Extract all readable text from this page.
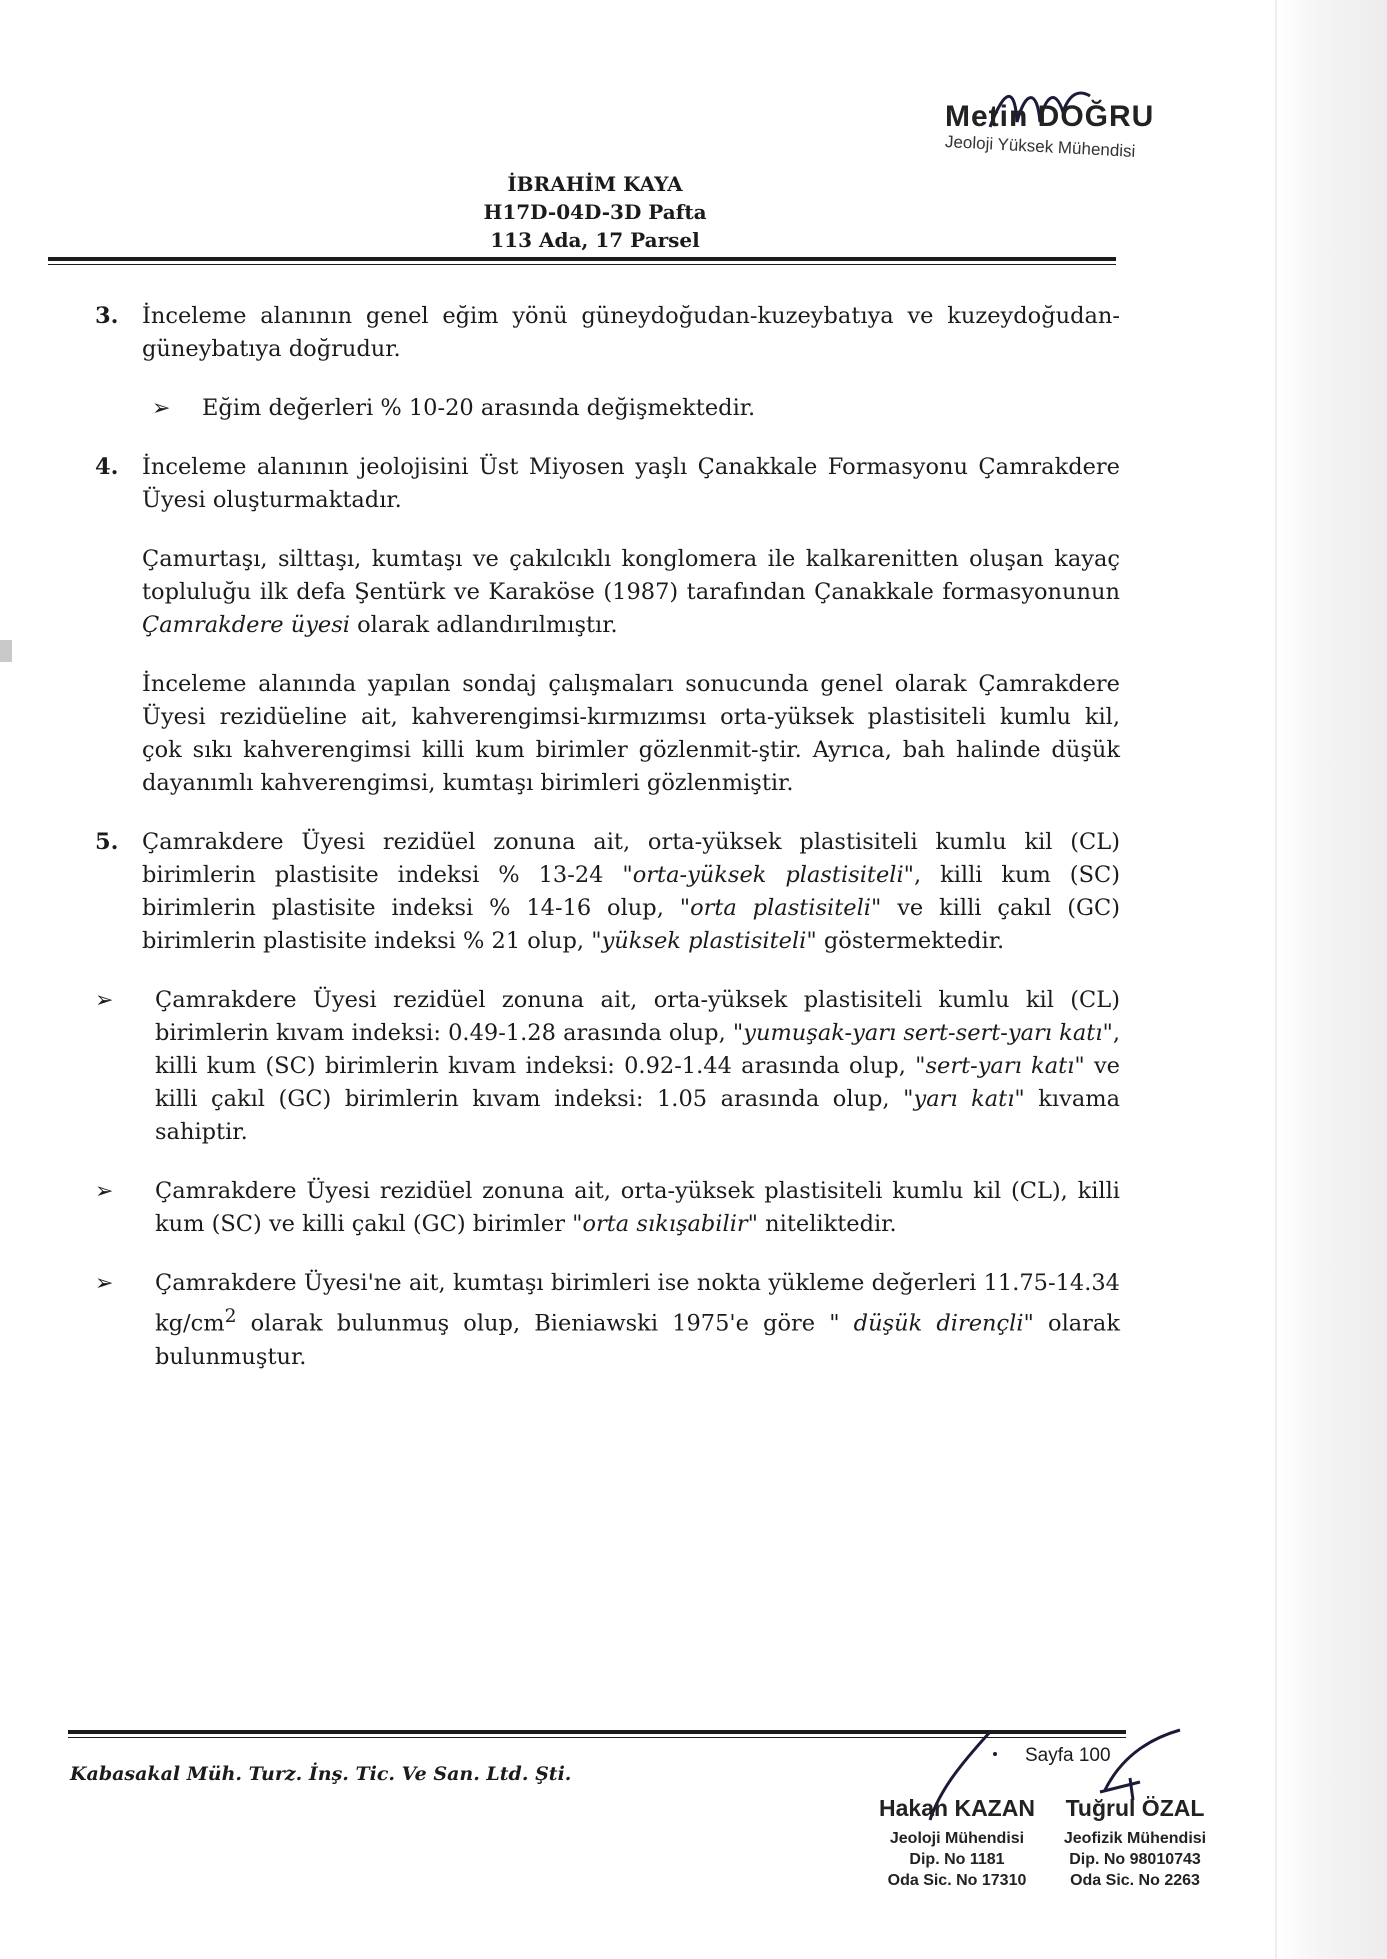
Metin DOĞRU
Jeoloji Yüksek Mühendisi
İBRAHİM KAYA
H17D-04D-3D Pafta
113 Ada, 17 Parsel
3. İnceleme alanının genel eğim yönü güneydoğudan-kuzeybatıya ve kuzeydoğudan-güneybatıya doğrudur.
➢ Eğim değerleri % 10-20 arasında değişmektedir.
4. İnceleme alanının jeolojisini Üst Miyosen yaşlı Çanakkale Formasyonu Çamrakdere Üyesi oluşturmaktadır.

Çamurtaşı, silttaşı, kumtaşı ve çakılcıklı konglomera ile kalkarenitten oluşan kayaç topluluğu ilk defa Şentürk ve Karaköse (1987) tarafından Çanakkale formasyonunun Çamrakdere üyesi olarak adlandırılmıştır.

İnceleme alanında yapılan sondaj çalışmaları sonucunda genel olarak Çamrakdere Üyesi rezidüeline ait, kahverengimsi-kırmızımsı orta-yüksek plastisiteli kumlu kil, çok sıkı kahverengimsi killi kum birimler gözlenmit-ştir. Ayrıca, bah halinde düşük dayanımlı kahverengimsi, kumtaşı birimleri gözlenmiştir.

5. Çamrakdere Üyesi rezidüel zonuna ait, orta-yüksek plastisiteli kumlu kil (CL) birimlerin plastisite indeksi % 13-24 "orta-yüksek plastisiteli", killi kum (SC) birimlerin plastisite indeksi % 14-16 olup, "orta plastisiteli" ve killi çakıl (GC) birimlerin plastisite indeksi % 21 olup, "yüksek plastisiteli" göstermektedir.
➢ Çamrakdere Üyesi rezidüel zonuna ait, orta-yüksek plastisiteli kumlu kil (CL) birimlerin kıvam indeksi: 0.49-1.28 arasında olup, "yumuşak-yarı sert-sert-yarı katı", killi kum (SC) birimlerin kıvam indeksi: 0.92-1.44 arasında olup, "sert-yarı katı" ve killi çakıl (GC) birimlerin kıvam indeksi: 1.05 arasında olup, "yarı katı" kıvama sahiptir.
➢ Çamrakdere Üyesi rezidüel zonuna ait, orta-yüksek plastisiteli kumlu kil (CL), killi kum (SC) ve killi çakıl (GC) birimler "orta sıkışabilir" niteliktedir.
➢ Çamrakdere Üyesi'ne ait, kumtaşı birimleri ise nokta yükleme değerleri 11.75-14.34 $kg/cm^2$ olarak bulunmuş olup, Bieniawski 1975'e göre " düşük dirençli" olarak bulunmuştur.
Kabasakal Müh. Turz. İnş. Tic. Ve San. Ltd. Şti.
Sayfa 100
Hakan KAZAN
Jeoloji Mühendisi
Dip. No 1181
Oda Sic. No 17310
Tuğrul ÖZAL
Jeofizik Mühendisi
Dip. No 98010743
Oda Sic. No 2263
